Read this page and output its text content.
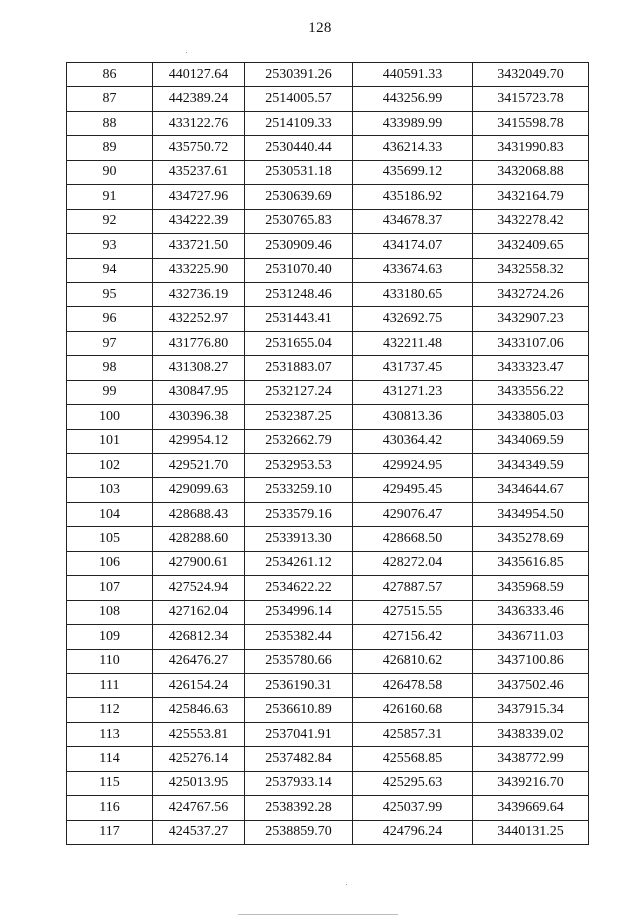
128
86	440127.64	2530391.26	440591.33	3432049.70
87	442389.24	2514005.57	443256.99	3415723.78
88	433122.76	2514109.33	433989.99	3415598.78
89	435750.72	2530440.44	436214.33	3431990.83
90	435237.61	2530531.18	435699.12	3432068.88
91	434727.96	2530639.69	435186.92	3432164.79
92	434222.39	2530765.83	434678.37	3432278.42
93	433721.50	2530909.46	434174.07	3432409.65
94	433225.90	2531070.40	433674.63	3432558.32
95	432736.19	2531248.46	433180.65	3432724.26
96	432252.97	2531443.41	432692.75	3432907.23
97	431776.80	2531655.04	432211.48	3433107.06
98	431308.27	2531883.07	431737.45	3433323.47
99	430847.95	2532127.24	431271.23	3433556.22
100	430396.38	2532387.25	430813.36	3433805.03
101	429954.12	2532662.79	430364.42	3434069.59
102	429521.70	2532953.53	429924.95	3434349.59
103	429099.63	2533259.10	429495.45	3434644.67
104	428688.43	2533579.16	429076.47	3434954.50
105	428288.60	2533913.30	428668.50	3435278.69
106	427900.61	2534261.12	428272.04	3435616.85
107	427524.94	2534622.22	427887.57	3435968.59
108	427162.04	2534996.14	427515.55	3436333.46
109	426812.34	2535382.44	427156.42	3436711.03
110	426476.27	2535780.66	426810.62	3437100.86
111	426154.24	2536190.31	426478.58	3437502.46
112	425846.63	2536610.89	426160.68	3437915.34
113	425553.81	2537041.91	425857.31	3438339.02
114	425276.14	2537482.84	425568.85	3438772.99
115	425013.95	2537933.14	425295.63	3439216.70
116	424767.56	2538392.28	425037.99	3439669.64
117	424537.27	2538859.70	424796.24	3440131.25
